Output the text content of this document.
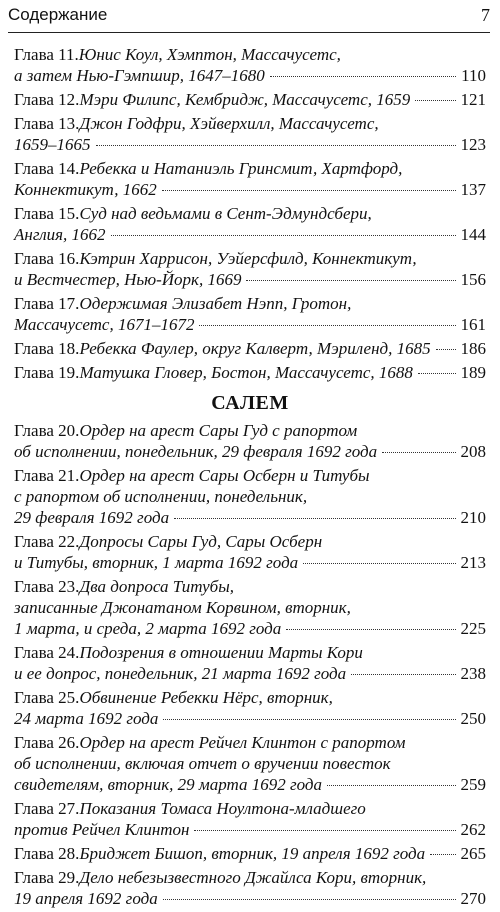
Содержание	7
Глава 11. Юнис Коул, Хэмптон, Массачусетс,
а затем Нью-Гэмпшир, 1647–1680	110
Глава 12. Мэри Филипс, Кембридж, Массачусетс, 1659	121
Глава 13. Джон Годфри, Хэйверхилл, Массачусетс,
1659–1665	123
Глава 14. Ребекка и Натаниэль Гринсмит, Хартфорд,
Коннектикут, 1662	137
Глава 15. Суд над ведьмами в Сент-Эдмундсбери,
Англия, 1662	144
Глава 16. Кэтрин Харрисон, Уэйерсфилд, Коннектикут,
и Вестчестер, Нью-Йорк, 1669	156
Глава 17. Одержимая Элизабет Нэпп, Гротон,
Массачусетс, 1671–1672	161
Глава 18. Ребекка Фаулер, округ Калверт, Мэриленд, 1685 186
Глава 19. Матушка Гловер, Бостон, Массачусетс, 1688	189
САЛЕМ
Глава 20. Ордер на арест Сары Гуд с рапортом
об исполнении, понедельник, 29 февраля 1692 года	208
Глава 21. Ордер на арест Сары Осберн и Титубы
с рапортом об исполнении, понедельник,
29 февраля 1692 года	210
Глава 22. Допросы Сары Гуд, Сары Осберн
и Титубы, вторник, 1 марта 1692 года	213
Глава 23. Два допроса Титубы,
записанные Джонатаном Корвином, вторник,
1 марта, и среда, 2 марта 1692 года	225
Глава 24. Подозрения в отношении Марты Кори
и ее допрос, понедельник, 21 марта 1692 года	238
Глава 25. Обвинение Ребекки Нёрс, вторник,
24 марта 1692 года	250
Глава 26. Ордер на арест Рейчел Клинтон с рапортом
об исполнении, включая отчет о вручении повесток
свидетелям, вторник, 29 марта 1692 года	259
Глава 27. Показания Томаса Ноултона-младшего
против Рейчел Клинтон	262
Глава 28. Бриджет Бишоп, вторник, 19 апреля 1692 года 265
Глава 29. Дело небезызвестного Джайлса Кори, вторник,
19 апреля 1692 года	270
